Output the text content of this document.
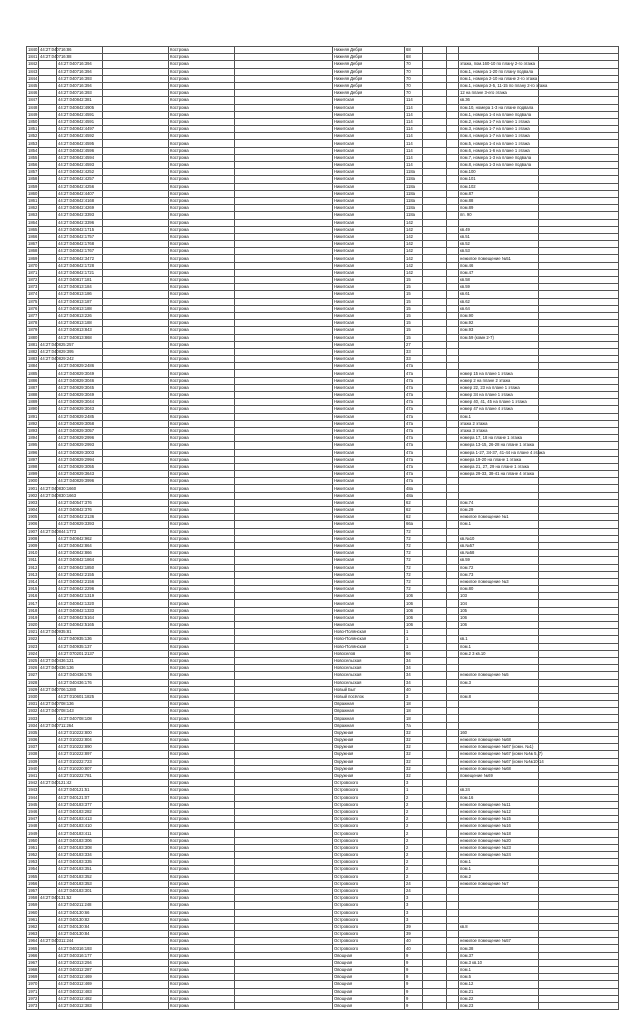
1840	44:27:040716:86			Кострома		Нижняя Дебря	68				
1841	44:27:040716:88			Кострома		Нижняя Дебря	68				
1842		44:27:040716:394		Кострома		Нижняя Дебря	70			этажа, пом.160-10 по плану 2-го этажа	
1843		44:27:040716:394		Кострома		Нижняя Дебря	70			пом.1, номера 1-20 по плану подвала	
1844		44:27:040716:393		Кострома		Нижняя Дебря	70			пом.1, номера 2-10 на плане 2-го этажа	
1845		44:27:040716:394		Кострома		Нижняя Дебря	70			пом.1, номера 2-5, 11-15 по плану 2-го этажа	
1846		44:27:040716:393		Кострома		Нижняя Дебря	70			12 на плане 3-его этажа	
1847		44:27:040842:381		Кострома		Никитская	114			кв.36	
1848		44:27:040842:4905		Кострома		Никитская	114			пом.10, номера 1-3 на плане подвала	
1849		44:27:040842:4591		Кострома		Никитская	114			пом.1, номера 1-4 на плане подвала	
1850		44:27:040842:4591		Кострома		Никитская	114			пом.2, номера 1-7 на плане 1 этажа	
1851		44:27:040842:4497		Кострома		Никитская	114			пом.3, номера 1-7 на плане 1 этажа	
1852		44:27:040842:4592		Кострома		Никитская	114			пом.4, номера 1-7 на плане 1 этажа	
1853		44:27:040842:4595		Кострома		Никитская	114			пом.5, номера 1-4 на плане 1 этажа	
1854		44:27:040842:4596		Кострома		Никитская	114			пом.6, номера 1-6 на плане 1 этажа	
1855		44:27:040842:4594		Кострома		Никитская	114			пом.7, номера 1-3 на плане подвала	
1856		44:27:040842:4593		Кострома		Никитская	114			пом.8, номера 1-3 на плане подвала	
1857		44:27:040842:4252		Кострома		Никитская	118а			пом.100	
1858		44:27:040842:4257		Кострома		Никитская	118а			пом.101	
1859		44:27:040842:4256		Кострома		Никитская	118а			пом.102	
1860		44:27:040842:4407		Кострома		Никитская	118а			пом.87	
1861		44:27:040842:4168		Кострома		Никитская	118а			пом.88	
1862		44:27:040842:4269		Кострома		Никитская	118а			пом.89	
1863		44:27:040842:3393		Кострома		Никитская	118а			пп. 90	
1864		44:27:040842:3396		Кострома		Никитская	142				
1865		44:27:040842:1715		Кострома		Никитская	142			кв.49	
1866		44:27:040842:1757		Кострома		Никитская	142			кв.51	
1867		44:27:040842:1768		Кострома		Никитская	142			кв.52	
1868		44:27:040842:1767		Кострома		Никитская	142			кв.53	
1869		44:27:040842:3472		Кострома		Никитская	142			нежилое помещение №51	
1870		44:27:040842:1728		Кострома		Никитская	142			пом.46	
1871		44:27:040842:1721		Кострома		Никитская	142			пом.47	
1872		44:27:040817:181		Кострома		Никитская	15			кв.58	
1873		44:27:040813:184		Кострома		Никитская	15			кв.59	
1874		44:27:040813:186		Кострома		Никитская	15			кв.61	
1875		44:27:040813:187		Кострома		Никитская	15			кв.62	
1876		44:27:040813:188		Кострома		Никитская	15			кв.64	
1877		44:27:040813:226		Кострома		Никитская	15			пом.90	
1878		44:27:040813:188		Кострома		Никитская	15			пом.92	
1879		44:27:040813:843		Кострома		Никитская	15			пом.93	
1880		44:27:040813:868		Кострома		Никитская	15			пом.59 (комн 2-7)	
1881	44:27:040825:257			Кострома		Никитская	27				
1882	44:27:040829:395			Кострома		Никитская	33				
1883	44:27:040829:242			Кострома		Никитская	33				
1884		44:27:040829:2486		Кострома		Никитская	47а				
1885		44:27:040829:3049		Кострома		Никитская	47а			номер 15 на плане 1 этажа	
1886		44:27:040829:3046		Кострома		Никитская	47а			номер 2 на плане 2 этажа	
1887		44:27:040829:3045		Кострома		Никитская	47а			номер 22, 23 на плане 1 этажа	
1888		44:27:040829:3049		Кострома		Никитская	47а			номер 34 на плане 1 этажа	
1889		44:27:040829:3044		Кострома		Никитская	47а			номер 40, 41, 45 на плане 1 этажа	
1890		44:27:040829:3043		Кострома		Никитская	47а			номер 47 на плане 4 этажа	
1891		44:27:040829:2485		Кострома		Никитская	47а			пом.1	
1892		44:27:040829:3058		Кострома		Никитская	47а			этажа 2 этажа	
1893		44:27:040829:3057		Кострома		Никитская	47а			этажа 3 этажа	
1894		44:27:040829:2996		Кострома		Никитская	47а			номера 17, 18 на плане 1 этажа	
1895		44:27:040829:2993		Кострома		Никитская	47а			номера 13-15, 26-28 на плане 1 этажа	
1896		44:27:040829:3003		Кострома		Никитская	47а			номера 1-27, 34-37, 41-44 на плане 4 этажа	
1897		44:27:040829:2994		Кострома		Никитская	47а			номера 19-20 на плане 1 этажа	
1898		44:27:040829:3055		Кострома		Никитская	47а			номера 21, 27, 29 на плане 1 этажа	
1899		44:27:040829:3643		Кострома		Никитская	47а			номера 29-33, 38-41 на плане 4 этажа	
1900		44:27:040829:3996		Кострома		Никитская	47а				
1901	44:27:040830:1660			Кострома		Никитская	48а				
1902	44:27:040830:1663			Кострома		Никитская	48а				
1903		44:27:040547:376		Кострома		Никитская	62			пом.74	
1904		44:27:040842:376		Кострома		Никитская	62			пом.29	
1905		44:27:040842:2136		Кострома		Никитская	62			нежилое помещение №1	
1906		44:27:040829:3393		Кострома		Никитская	66а			пом.1	
1907	44:27:040844:1773			Кострома		Никитская	72				
1908		44:27:040842:962		Кострома		Никитская	72			кв.№10	
1909		44:27:040842:864		Кострома		Никитская	72			кв.№57	
1910		44:27:040842:866		Кострома		Никитская	72			кв.№58	
1911		44:27:040842:1864		Кострома		Никитская	72			кв.59	
1912		44:27:040842:1850		Кострома		Никитская	72			пом.72	
1913		44:27:040842:2155		Кострома		Никитская	72			пом.73	
1914		44:27:040842:2156		Кострома		Никитская	72			нежилое помещение №3	
1915		44:27:040842:2296		Кострома		Никитская	72			пом.80	
1916		44:27:040842:1319		Кострома		Никитская	106			103	
1917		44:27:040842:1320		Кострома		Никитская	106			104	
1918		44:27:040842:1333		Кострома		Никитская	106			105	
1919		44:27:040842:5164		Кострома		Никитская	106			106	
1920		44:27:040842:5165		Кострома		Никитская	106			106	
1921	44:27:040935:81			Кострома		Ново-Полянская	1				
1922		44:27:040935:136		Кострома		Ново-Полянская	1			кв.1	
1923		44:27:040935:137		Кострома		Ново-Полянская	1			пом.1	
1924		44:27:070201:2137		Кострома		Новоселов	66			пом.2 3 кв.10	
1925	44:27:040436:121			Кострома		Новосельская	34				
1926	44:27:040436:136			Кострома		Новосельская	34				
1927		44:27:040436:176		Кострома		Новосельская	34			нежилое помещение №5	
1928		44:27:040436:176		Кострома		Новосельская	34			пом.3	
1929	44:27:040706:1280			Кострома		Новый Быт	40				
1930		44:27:010601:1825		Кострома		Новый посёлок	3			пом.8	
1931	44:27:040708:136			Кострома		Овражная	18				
1932	44:27:040708:143			Кострома		Овражная	18				
1933		44:27:040708:108		Кострома		Овражная	18				
1934	44:27:040711:264			Кострома		Овражная	7а				
1935		44:27:010222:800		Кострома		Окружная	32			160	
1936		44:27:010222:804		Кострома		Окружная	32			нежилое помещение №68	
1937		44:27:010222:890		Кострома		Окружная	32			нежилое помещение №67 (комн. №1)	
1938		44:27:010222:897		Кострома		Окружная	32			нежилое помещение №67 (комн №№ 5, 7)	
1939		44:27:010222:723		Кострома		Окружная	32			нежилое помещение №67 (комн №№10-14	
1940		44:27:010220:807		Кострома		Окружная	32			нежилое помещение №68	
1941		44:27:010222:781		Кострома		Окружная	32			помещение №69	
1942	44:27:040121:42			Кострома		Островского	3				
1943		44:27:040121:51		Кострома		Островского	1			кв.24	
1944		44:27:040121:07		Кострома		Островского	2			пом.16	
1945		44:27:040183:377		Кострома		Островского	2			нежилое помещение №11	
1946		44:27:040183:282		Кострома		Островского	2			нежилое помещение №12	
1947		44:27:040183:413		Кострома		Островского	2			нежилое помещение №15	
1948		44:27:040183:410		Кострома		Островского	2			нежилое помещение №16	
1949		44:27:040183:411		Кострома		Островского	2			нежилое помещение №18	
1950		44:27:040183:306		Кострома		Островского	2			нежилое помещение №20	
1951		44:27:040183:308		Кострома		Островского	2			нежилое помещение №23	
1952		44:27:040183:334		Кострома		Островского	2			нежилое помещение №24	
1953		44:27:040183:335		Кострома		Островского	2			пом.1	
1954		44:27:040183:351		Кострома		Островского	2			пом.1	
1955		44:27:040183:352		Кострома		Островского	2			пом.2	
1956		44:27:040183:353		Кострома		Островского	24			нежилое помещение №7	
1957		44:27:040183:301		Кострома		Островского	24				
1958	44:27:040131:52			Кострома		Островского	3				
1959		44:27:040211:248		Кострома		Островского	3				
1960		44:27:040130:66		Кострома		Островского	3				
1961		44:27:040130:82		Кострома		Островского	3				
1962		44:27:040130:84		Кострома		Островского	39			кв.8	
1963		44:27:040130:84		Кострома		Островского	39				
1964	44:27:040311:244			Кострома		Островского	40			нежилое помещение №57	
1965		44:27:040316:193		Кострома		Островского	40			пом.38	
1966		44:27:040316:177		Кострома		Овощная	9			пом.37	
1967		44:27:040313:294		Кострома		Овощная	9			пом.3 кв.10	
1968		44:27:040312:287		Кострома		Овощная	9			пом.1	
1969		44:27:040312:469		Кострома		Овощная	9			пом.5	
1970		44:27:040312:469		Кострома		Овощная	9			пом.12	
1971		44:27:040312:483		Кострома		Овощная	9			пом.21	
1972		44:27:040312:482		Кострома		Овощная	9			пом.22	
1973		44:27:040312:383		Кострома		Овощная	9			пом.23	
